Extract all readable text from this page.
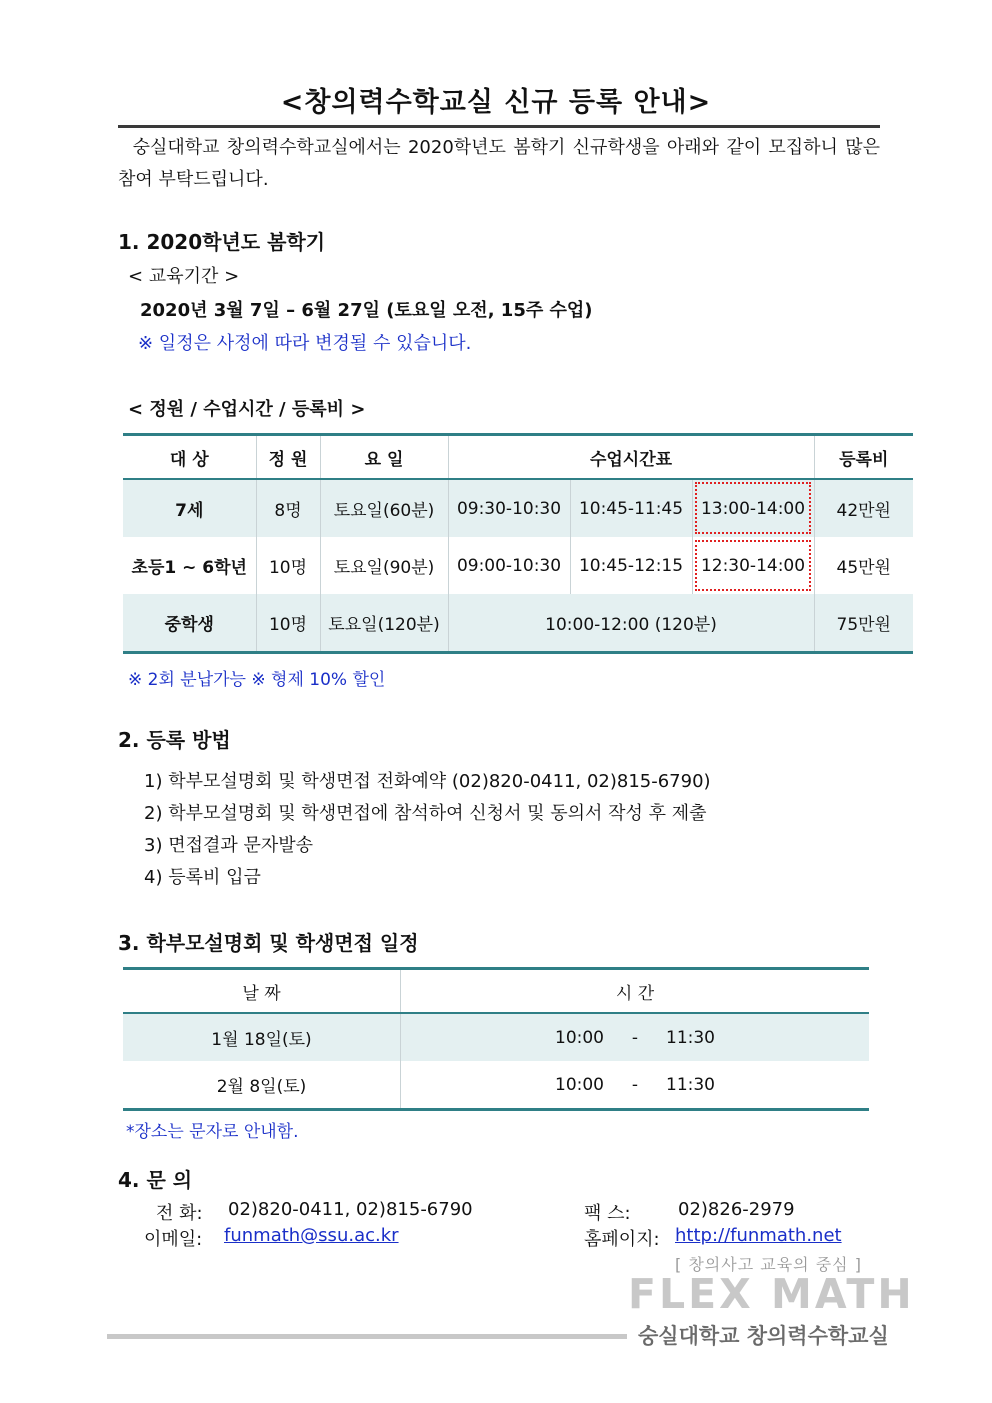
<창의력수학교실 신규 등록 안내>
숭실대학교 창의력수학교실에서는 2020학년도 봄학기 신규학생을 아래와 같이 모집하니 많은 참여 부탁드립니다.
1. 2020학년도 봄학기
< 교육기간 >
2020년 3월 7일 – 6월 27일 (토요일 오전, 15주 수업)
※ 일정은 사정에 따라 변경될 수 있습니다.
< 정원 / 수업시간 / 등록비 >
대 상	정 원	요 일	수업시간표			등록비
7세	8명	토요일(60분)	09:30-10:30	10:45-11:45	13:00-14:00	42만원
초등1 ~ 6학년	10명	토요일(90분)	09:00-10:30	10:45-12:15	12:30-14:00	45만원
중학생	10명	토요일(120분)	10:00-12:00 (120분)			75만원
※ 2회 분납가능 ※ 형제 10% 할인
2. 등록 방법
1) 학부모설명회 및 학생면접 전화예약 (02)820-0411, 02)815-6790)
2) 학부모설명회 및 학생면접에 참석하여 신청서 및 동의서 작성 후 제출
3) 면접결과 문자발송
4) 등록비 입금
3. 학부모설명회 및 학생면접 일정
날 짜	시 간
1월 18일(토)	10:00 - 11:30
2월 8일(토)	10:00 - 11:30
*장소는 문자로 안내함.
4. 문 의
전 화: 02)820-0411, 02)815-6790	팩 스:	02)826-2979
이메일: funmath@ssu.ac.kr	홈페이지: http://funmath.net
[ 창의사고 교육의 중심 ]
FLEX MATH
숭실대학교 창의력수학교실
